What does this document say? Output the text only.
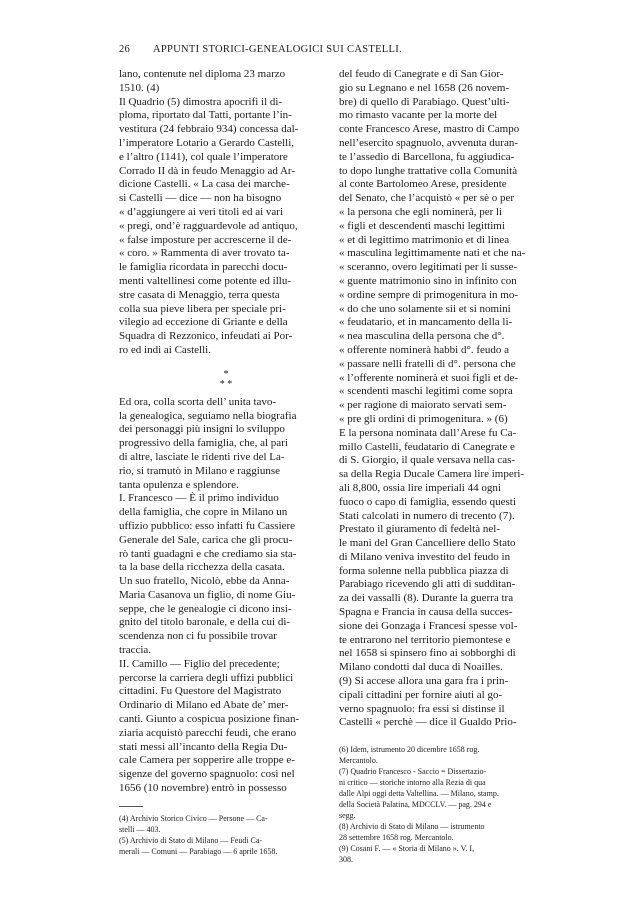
26 APPUNTI STORICI-GENEALOGICI SUI CASTELLI.
lano, contenute nel diploma 23 marzo
1510. (4)
Il Quadrio (5) dimostra apocrifi il di-
ploma, riportato dal Tatti, portante l’in-
vestitura (24 febbraio 934) concessa dal-
l’imperatore Lotario a Gerardo Castelli,
e l’altro (1141), col quale l’imperatore
Corrado II dà in feudo Menaggio ad Ar-
dicione Castelli. « La casa dei marche-
si Castelli — dice — non ha bisogno
« d’aggiungere ai veri titoli ed ai vari
« pregi, ond’è ragguardevole ad antiquo,
« false imposture per accrescerne il de-
« coro. » Rammenta di aver trovato ta-
le famiglia ricordata in parecchi docu-
menti valtellinesi come potente ed illu-
stre casata di Menaggio, terra questa
colla sua pieve libera per speciale pri-
vilegio ad eccezione di Griante e della
Squadra di Rezzonico, infeudati ai Por-
ro ed indi ai Castelli.
*
* *
Ed ora, colla scorta dell’ unita tavo-
la genealogica, seguiamo nella biografia
dei personaggi più insigni lo sviluppo
progressivo della famiglia, che, al pari
di altre, lasciate le ridenti rive del La-
rio, si tramutò in Milano e raggiunse
tanta opulenza e splendore.
I. Francesco — È il primo individuo
della famiglia, che copre in Milano un
uffizio pubblico: esso infatti fu Cassiere
Generale del Sale, carica che gli procu-
rò tanti guadagni e che crediamo sia sta-
ta la base della ricchezza della casata.
Un suo fratello, Nicolò, ebbe da Anna-
Maria Casanova un figlio, di nome Giu-
seppe, che le genealogie ci dicono insi-
gnito del titolo baronale, e della cui di-
scendenza non ci fu possibile trovar
traccia.
II. Camillo — Figlio del precedente;
percorse la carriera degli uffizi pubblici
cittadini. Fu Questore del Magistrato
Ordinario di Milano ed Abate de’ mer-
canti. Giunto a cospicua posizione finan-
ziaria acquistò parecchi feudi, che erano
stati messi all’incanto della Regia Du-
cale Camera per sopperire alle troppe e-
sigenze del governo spagnuolo: così nel
1656 (10 novembre) entrò in possesso
(4) Archivio Storico Civico — Persone — Ca-
stelli — 403.
(5) Archivio di Stato di Milano — Feudi Ca-
merali — Comuni — Parabiago — 6 aprile 1658.
del feudo di Canegrate e di San Gior-
gio su Legnano e nel 1658 (26 novem-
bre) di quello di Parabiago. Quest’ulti-
mo rimasto vacante per la morte del
conte Francesco Arese, mastro di Campo
nell’esercito spagnuolo, avvenuta duran-
te l’assedio di Barcellona, fu aggiudica-
to dopo lunghe trattative colla Comunità
al conte Bartolomeo Arese, presidente
del Senato, che l’acquistò « per sè o per
« la persona che egli nominerà, per li
« figli et descendenti maschi legittimi
« et di legittimo matrimonio et di linea
« masculina legittimamente nati et che na-
« sceranno, overo legitimati per li susse-
« guente matrimonio sino in infinito con
« ordine sempre di primogenitura in mo-
« do che uno solamente sii et si nomini
« feudatario, et in mancamento della li-
« nea masculina della persona che d°.
« offerente nominerà habbi d°. feudo a
« passare nelli fratelli di d°. persona che
« l’offerente nominerà et suoi figli et de-
« scendenti maschi legitimi come sopra
« per ragione di maiorato servati sem-
« pre gli ordini di primogenitura. » (6)
E la persona nominata dall’Arese fu Ca-
millo Castelli, feudatario di Canegrate e
di S. Giorgio, il quale versava nella cas-
sa della Regia Ducale Camera lire imperi-
ali 8,800, ossia lire imperiali 44 ogni
fuoco o capo di famiglia, essendo questi
Stati calcolati in numero di trecento (7).
Prestato il giuramento di fedeltà nel-
le mani del Gran Cancelliere dello Stato
di Milano veniva investito del feudo in
forma solenne nella pubblica piazza di
Parabiago ricevendo gli atti di sudditan-
za dei vassalli (8). Durante la guerra tra
Spagna e Francia in causa della succes-
sione dei Gonzaga i Francesi spesse vol-
te entrarono nel territorio piemontese e
nel 1658 si spinsero fino ai sobborghi di
Milano condotti dal duca di Noailles.
(9) Si accese allora una gara fra i prin-
cipali cittadini per fornire aiuti al go-
verno spagnuolo: fra essi si distinse il
Castelli « perchè — dice il Gualdo Prio-
(6) Idem, istrumento 20 dicembre 1658 rog.
Mercantolo.
(7) Quadrio Francesco - Saccio = Dissertazio-
ni critico — storiche intorno alla Rezia di qua
dalle Alpi oggi detta Valtellina. — Milano, stamp.
della Società Palatina, MDCCLV. — pag. 294 e
segg.
(8) Archivio di Stato di Milano — istrumento
28 settembre 1658 rog. Mercantolo.
(9) Cosani F. — « Storia di Milano ». V. I,
308.
